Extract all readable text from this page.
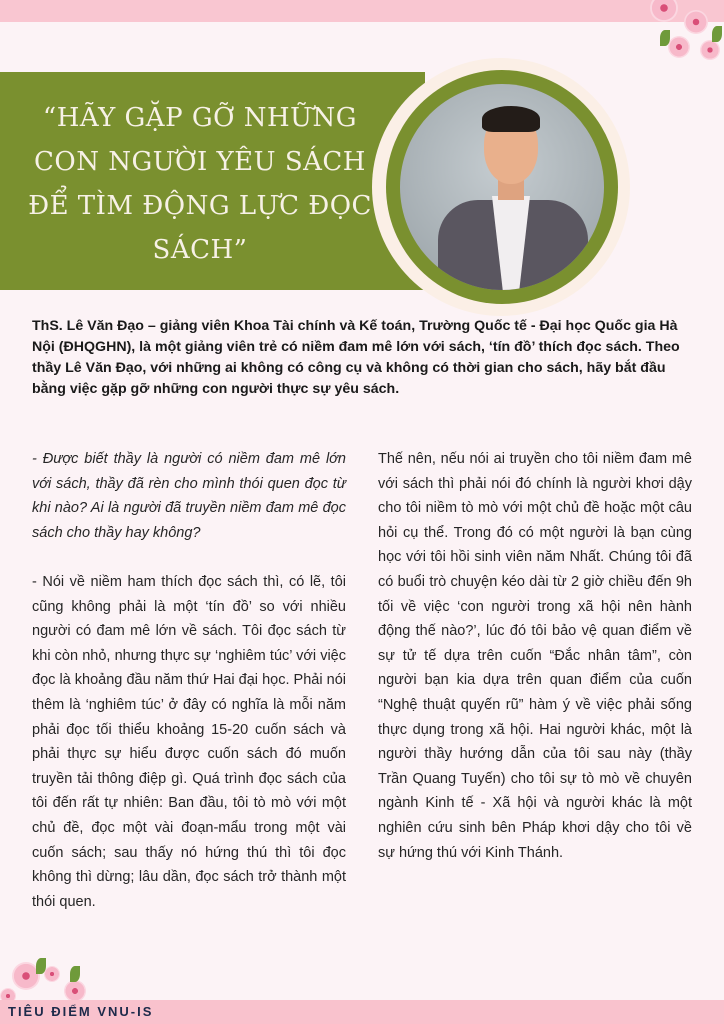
“HÃY GẶP GỠ NHỮNG CON NGƯỜI YÊU SÁCH ĐỂ TÌM ĐỘNG LỰC ĐỌC SÁCH”
ThS. Lê Văn Đạo – giảng viên Khoa Tài chính và Kế toán, Trường Quốc tế - Đại học Quốc gia Hà Nội (ĐHQGHN), là một giảng viên trẻ có niềm đam mê lớn với sách, ‘tín đồ’ thích đọc sách. Theo thầy Lê Văn Đạo, với những ai không có công cụ và không có thời gian cho sách, hãy bắt đầu bằng việc gặp gỡ những con người thực sự yêu sách.

- Được biết thầy là người có niềm đam mê lớn với sách, thầy đã rèn cho mình thói quen đọc từ khi nào? Ai là người đã truyền niềm đam mê đọc sách cho thầy hay không?

- Nói về niềm ham thích đọc sách thì, có lẽ, tôi cũng không phải là một ‘tín đồ’ so với nhiều người có đam mê lớn về sách. Tôi đọc sách từ khi còn nhỏ, nhưng thực sự ‘nghiêm túc’ với việc đọc là khoảng đầu năm thứ Hai đại học. Phải nói thêm là ‘nghiêm túc’ ở đây có nghĩa là mỗi năm phải đọc tối thiểu khoảng 15-20 cuốn sách và phải thực sự hiểu được cuốn sách đó muốn truyền tải thông điệp gì. Quá trình đọc sách của tôi đến rất tự nhiên: Ban đầu, tôi tò mò với một chủ đề, đọc một vài đoạn-mẩu trong một vài cuốn sách; sau thấy nó hứng thú thì tôi đọc không thì dừng; lâu dần, đọc sách trở thành một thói quen.

Thế nên, nếu nói ai truyền cho tôi niềm đam mê với sách thì phải nói đó chính là người khơi dậy cho tôi niềm tò mò với một chủ đề hoặc một câu hỏi cụ thể. Trong đó có một người là bạn cùng học với tôi hồi sinh viên năm Nhất. Chúng tôi đã có buổi trò chuyện kéo dài từ 2 giờ chiều đến 9h tối về việc ‘con người trong xã hội nên hành động thế nào?’, lúc đó tôi bảo vệ quan điểm về sự tử tế dựa trên cuốn “Đắc nhân tâm”, còn người bạn kia dựa trên quan điểm của cuốn “Nghệ thuật quyến rũ” hàm ý về việc phải sống thực dụng trong xã hội. Hai người khác, một là người thầy hướng dẫn của tôi sau này (thầy Trần Quang Tuyến) cho tôi sự tò mò về chuyên ngành Kinh tế - Xã hội và người khác là một nghiên cứu sinh bên Pháp khơi dậy cho tôi về sự hứng thú với Kinh Thánh.

TIÊU ĐIỂM VNU-IS
